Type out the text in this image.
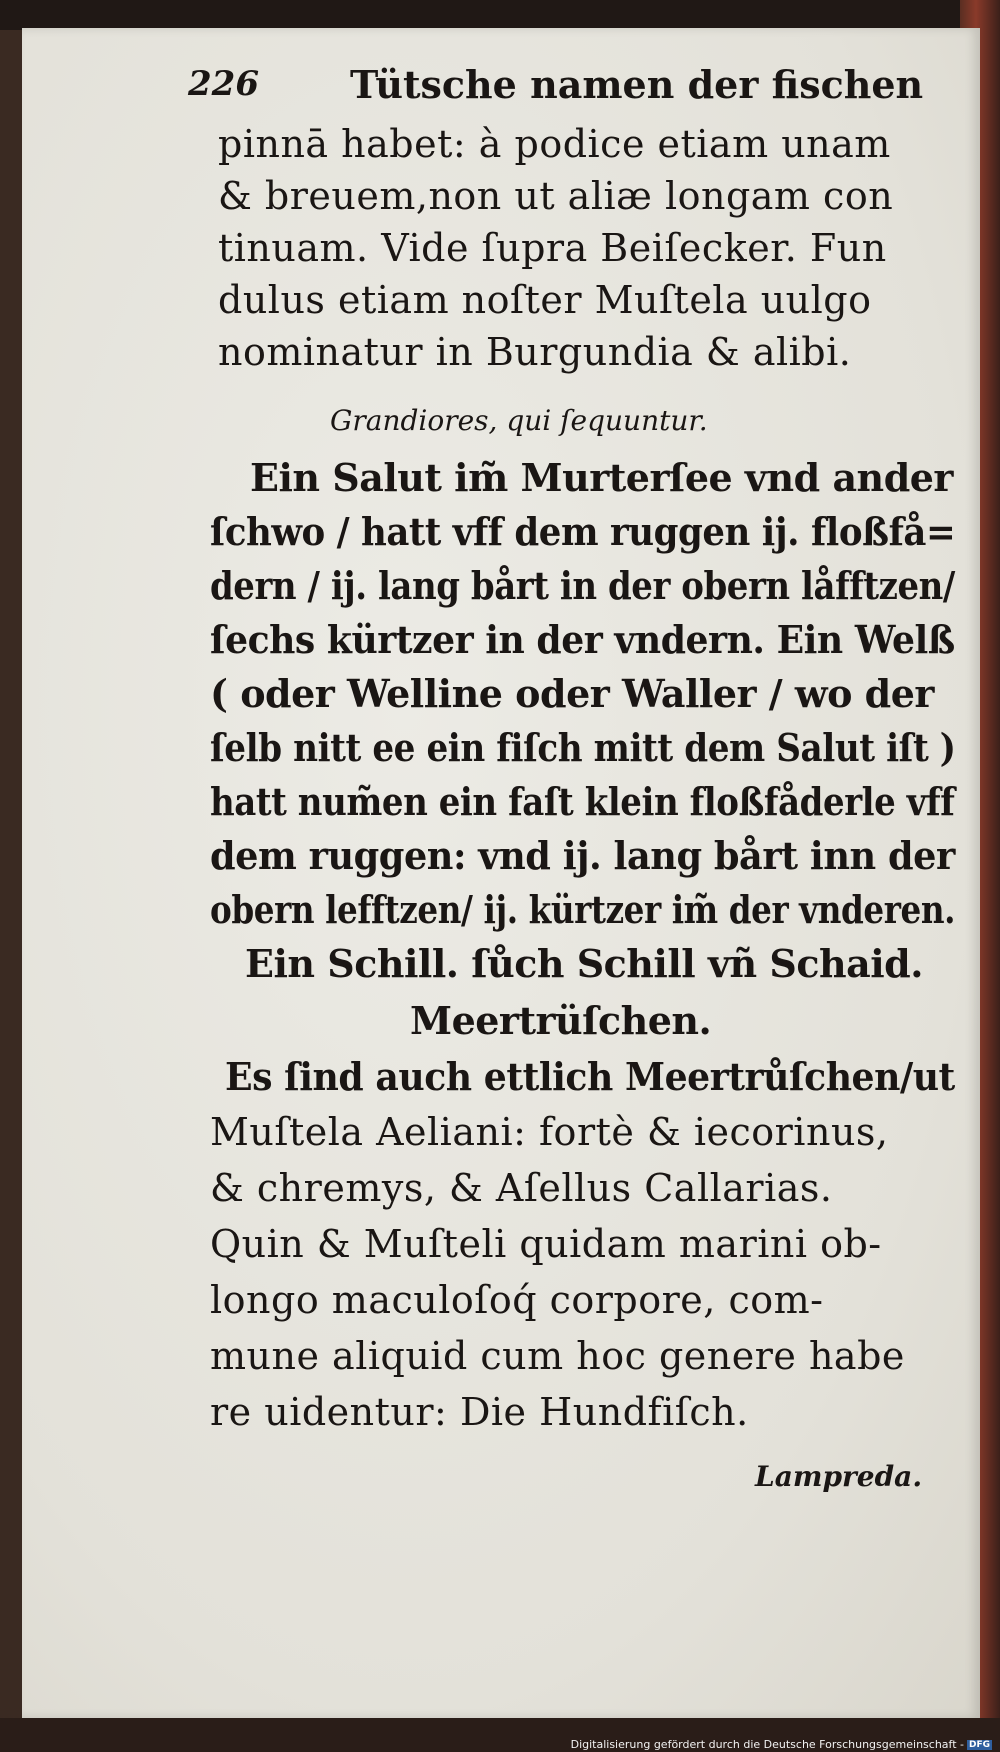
226 Tütsche namen der fischen
pinnā habet: à podice etiam unam
& breuem,non ut aliæ longam con
tinuam. Vide ſupra Beiſecker. Fun
dulus etiam noſter Muſtela uulgo
nominatur in Burgundia & alibi.
Grandiores, qui ſequuntur.
Ein Salut im̃ Murterſee vnd ander
ſchwo / hatt vff dem ruggen ij. floßfå=
dern / ij. lang bårt in der obern låfftzen/
ſechs kürtzer in der vndern. Ein Welß
( oder Welline oder Waller / wo der
ſelb nitt ee ein fiſch mitt dem Salut iſt )
hatt num̃en ein faſt klein floßfåderle vff
dem ruggen: vnd ij. lang bårt inn der
obern lefftzen/ ij. kürtzer im̃ der vnderen.
Ein Schill. ſůch Schill vñ Schaid.
Meertrüſchen.
Es ſind auch ettlich Meertrůſchen/ut
Muſtela Aeliani: fortè & iecorinus,
& chremys, & Aſellus Callarias.
Quin & Muſteli quidam marini ob-
longo maculoſoq́ corpore, com-
mune aliquid cum hoc genere habe
re uidentur: Die Hundfiſch.
Lampreda.
Digitalisierung gefördert durch die Deutsche Forschungsgemeinschaft - DFG
